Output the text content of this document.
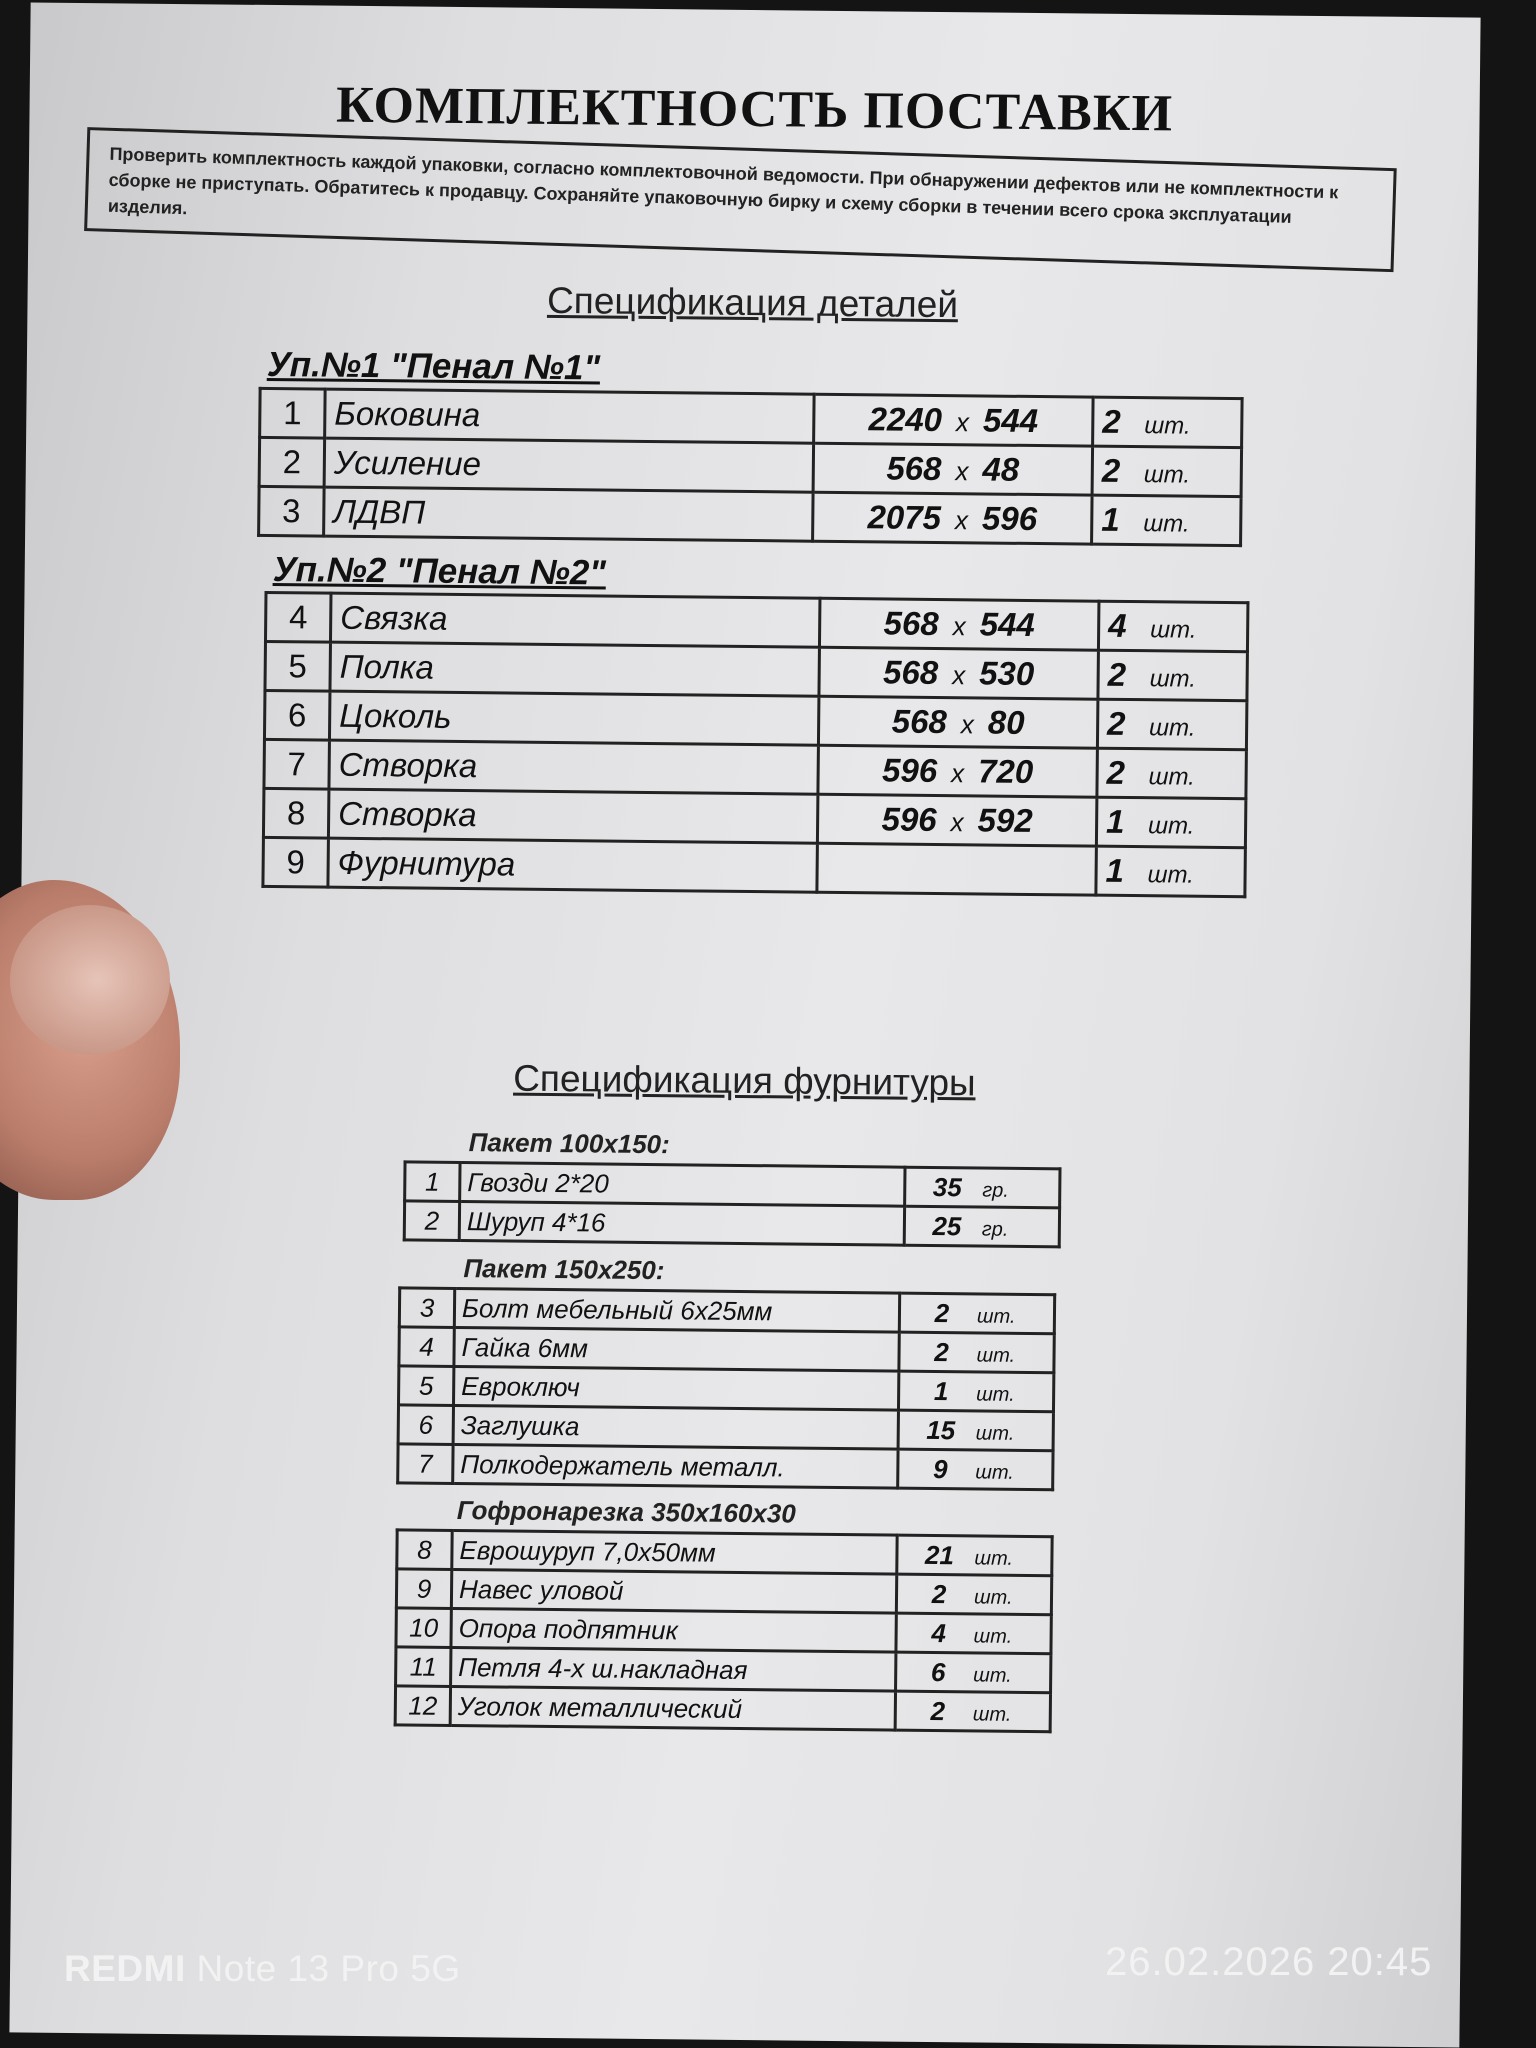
КОМПЛЕКТНОСТЬ ПОСТАВКИ
Проверить комплектность каждой упаковки, согласно комплектовочной ведомости. При обнаружении дефектов или не комплектности к сборке не приступать. Обратитесь к продавцу. Сохраняйте упаковочную бирку и схему сборки в течении всего срока эксплуатации изделия.
Спецификация деталей
Уп.№1 "Пенал №1"
1	Боковина	2240 x 544	2 шт.
2	Усиление	568 x 48	2 шт.
3	ЛДВП	2075 x 596	1 шт.
Уп.№2 "Пенал №2"
4	Связка	568 x 544	4 шт.
5	Полка	568 x 530	2 шт.
6	Цоколь	568 x 80	2 шт.
7	Створка	596 x 720	2 шт.
8	Створка	596 x 592	1 шт.
9	Фурнитура		1 шт.
Спецификация фурнитуры
Пакет 100x150:
1	Гвозди 2*20	35 гр.
2	Шуруп 4*16	25 гр.
Пакет 150x250:
3	Болт мебельный 6x25мм	2 шт.
4	Гайка 6мм	2 шт.
5	Евроключ	1 шт.
6	Заглушка	15 шт.
7	Полкодержатель металл.	9 шт.
Гофронарезка 350x160x30
8	Еврошуруп 7,0x50мм	21 шт.
9	Навес уловой	2 шт.
10	Опора подпятник	4 шт.
11	Петля 4-х ш.накладная	6 шт.
12	Уголок металлический	2 шт.
REDMI Note 13 Pro 5G	26.02.2026 20:45
